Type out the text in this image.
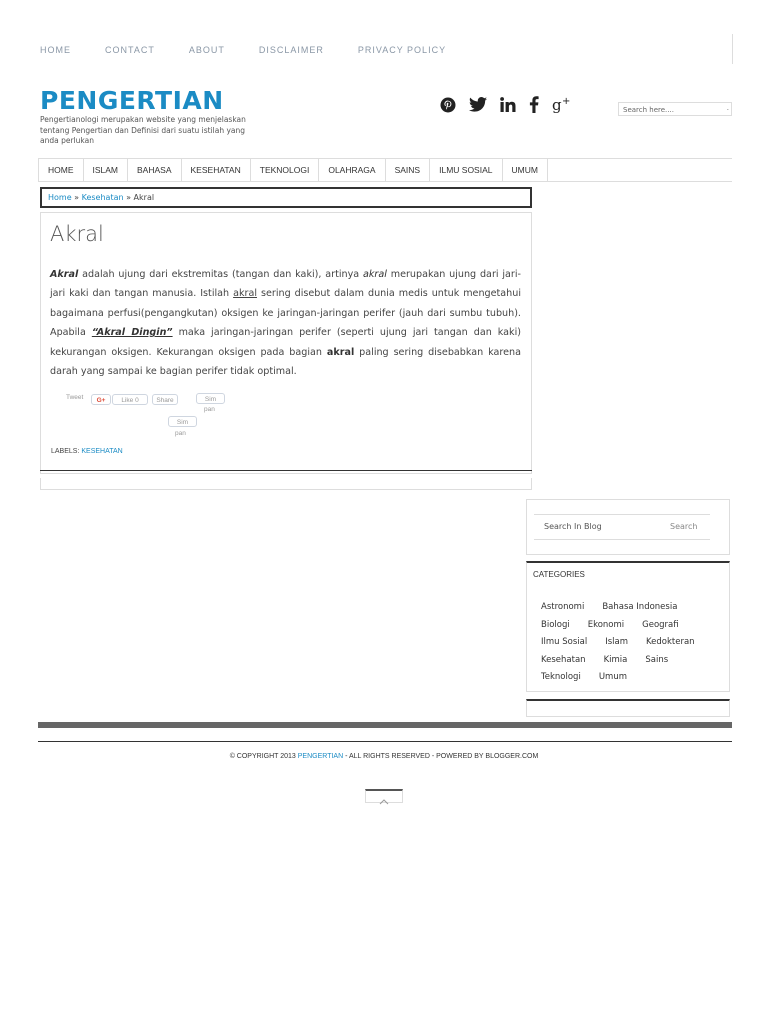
HOME	CONTACT	ABOUT	DISCLAIMER	PRIVACY POLICY
PENGERTIAN
Pengertianologi merupakan website yang menjelaskan tentang Pengertian dan Definisi dari suatu istilah yang anda perlukan
g +
Search here....	·
HOME	ISLAM	BAHASA	KESEHATAN	TEKNOLOGI	OLAHRAGA	SAINS	ILMU SOSIAL	UMUM
Home » Kesehatan » Akral
Akral
Akral adalah ujung dari ekstremitas (tangan dan kaki), artinya akral merupakan ujung dari jari-jari kaki dan tangan manusia. Istilah akral sering disebut dalam dunia medis untuk mengetahui bagaimana perfusi(pengangkutan) oksigen ke jaringan-jaringan perifer (jauh dari sumbu tubuh). Apabila “Akral Dingin” maka jaringan-jaringan perifer (seperti ujung jari tangan dan kaki) kekurangan oksigen. Kekurangan oksigen pada bagian akral paling sering disebabkan karena darah yang sampai ke bagian perifer tidak optimal.
Tweet	G+	Like 0	Share	Sim
pan
Sim
pan
LABELS: KESEHATAN
Search In Blog	Search
CATEGORIES
Astronomi Bahasa Indonesia
Biologi Ekonomi Geografi
Ilmu Sosial Islam Kedokteran
Kesehatan Kimia Sains
Teknologi Umum
© COPYRIGHT 2013 PENGERTIAN - ALL RIGHTS RESERVED - POWERED BY BLOGGER.COM
